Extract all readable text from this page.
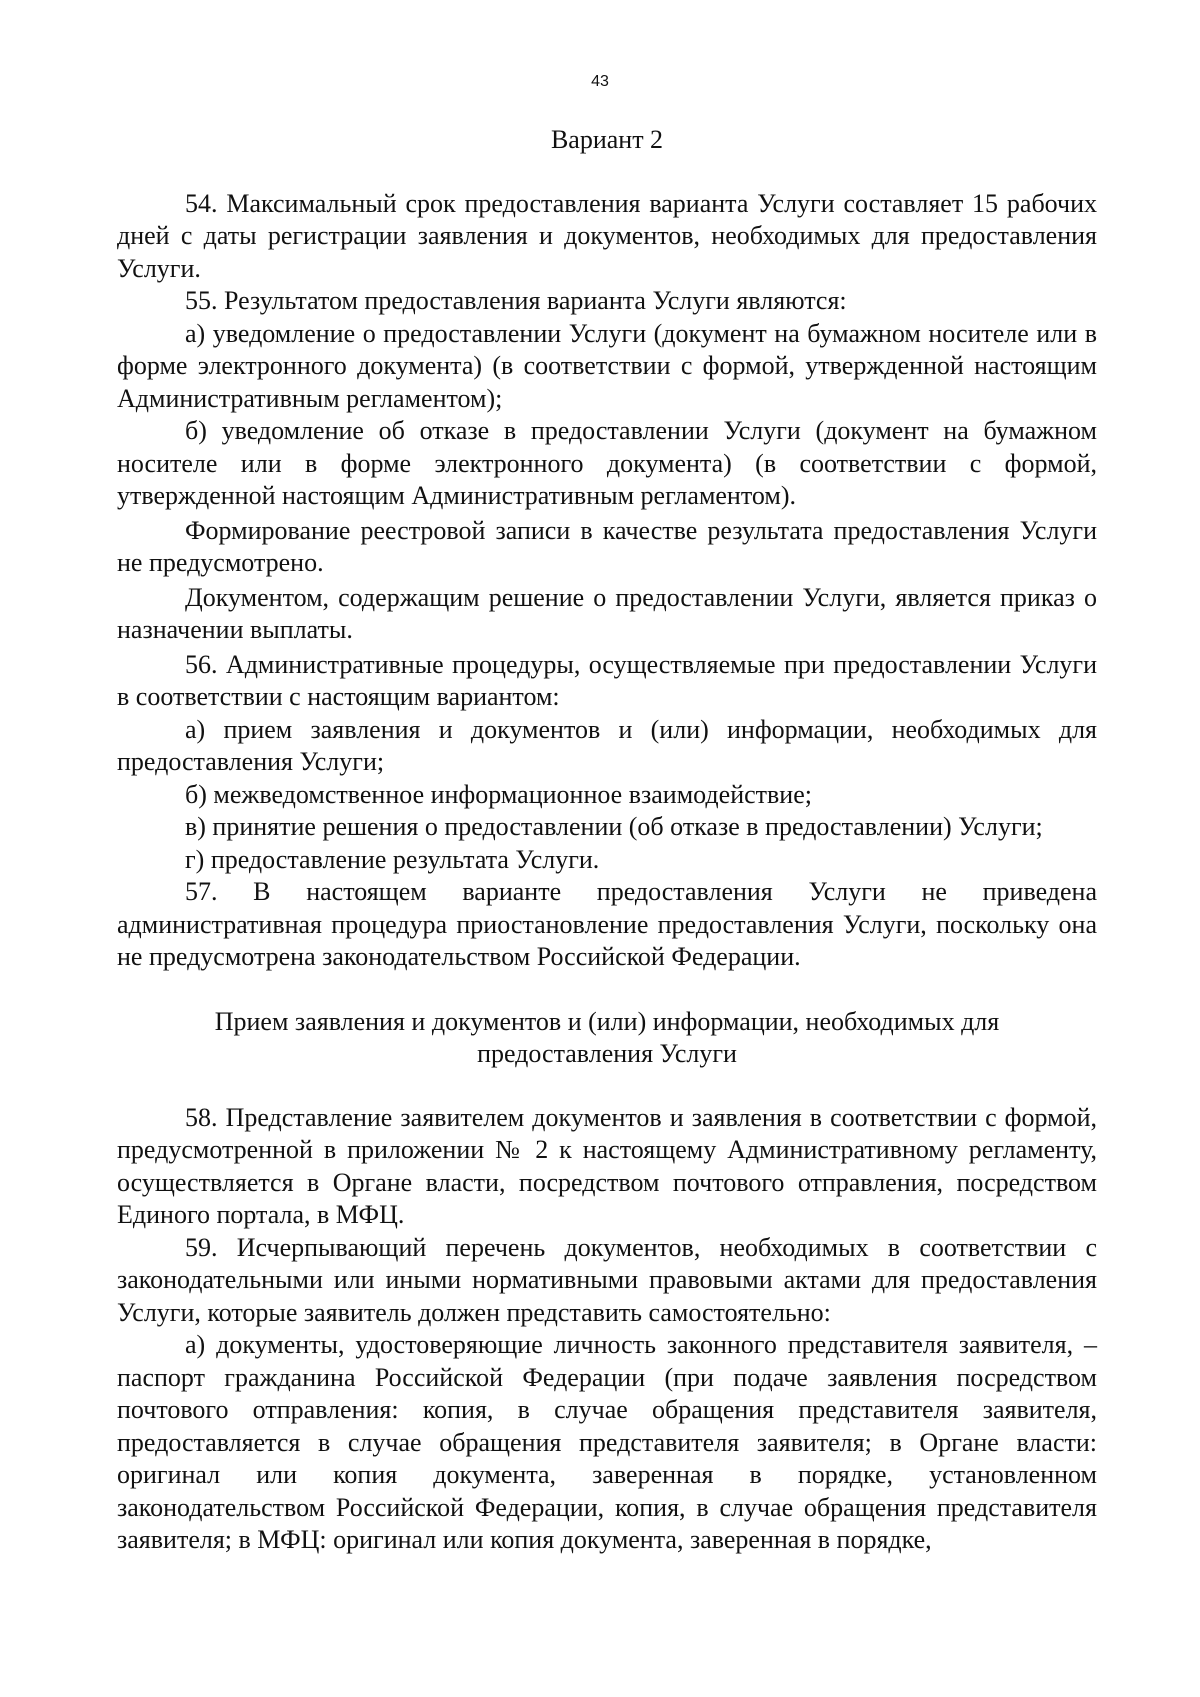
43

Вариант 2

54. Максимальный срок предоставления варианта Услуги составляет 15 рабочих дней с даты регистрации заявления и документов, необходимых для предоставления Услуги.

55. Результатом предоставления варианта Услуги являются:

а) уведомление о предоставлении Услуги (документ на бумажном носителе или в форме электронного документа) (в соответствии с формой, утвержденной настоящим Административным регламентом);

б) уведомление об отказе в предоставлении Услуги (документ на бумажном носителе или в форме электронного документа) (в соответствии с формой, утвержденной настоящим Административным регламентом).

Формирование реестровой записи в качестве результата предоставления Услуги не предусмотрено.

Документом, содержащим решение о предоставлении Услуги, является приказ о назначении выплаты.

56. Административные процедуры, осуществляемые при предоставлении Услуги в соответствии с настоящим вариантом:

а) прием заявления и документов и (или) информации, необходимых для предоставления Услуги;

б) межведомственное информационное взаимодействие;

в) принятие решения о предоставлении (об отказе в предоставлении) Услуги;

г) предоставление результата Услуги.

57. В настоящем варианте предоставления Услуги не приведена административная процедура приостановление предоставления Услуги, поскольку она не предусмотрена законодательством Российской Федерации.

Прием заявления и документов и (или) информации, необходимых для
предоставления Услуги

58. Представление заявителем документов и заявления в соответствии с формой, предусмотренной в приложении № 2 к настоящему Административному регламенту, осуществляется в Органе власти, посредством почтового отправления, посредством Единого портала, в МФЦ.

59. Исчерпывающий перечень документов, необходимых в соответствии с законодательными или иными нормативными правовыми актами для предоставления Услуги, которые заявитель должен представить самостоятельно:

а) документы, удостоверяющие личность законного представителя заявителя, – паспорт гражданина Российской Федерации (при подаче заявления посредством почтового отправления: копия, в случае обращения представителя заявителя, предоставляется в случае обращения представителя заявителя; в Органе власти: оригинал или копия документа, заверенная в порядке, установленном законодательством Российской Федерации, копия, в случае обращения представителя заявителя; в МФЦ: оригинал или копия документа, заверенная в порядке,
